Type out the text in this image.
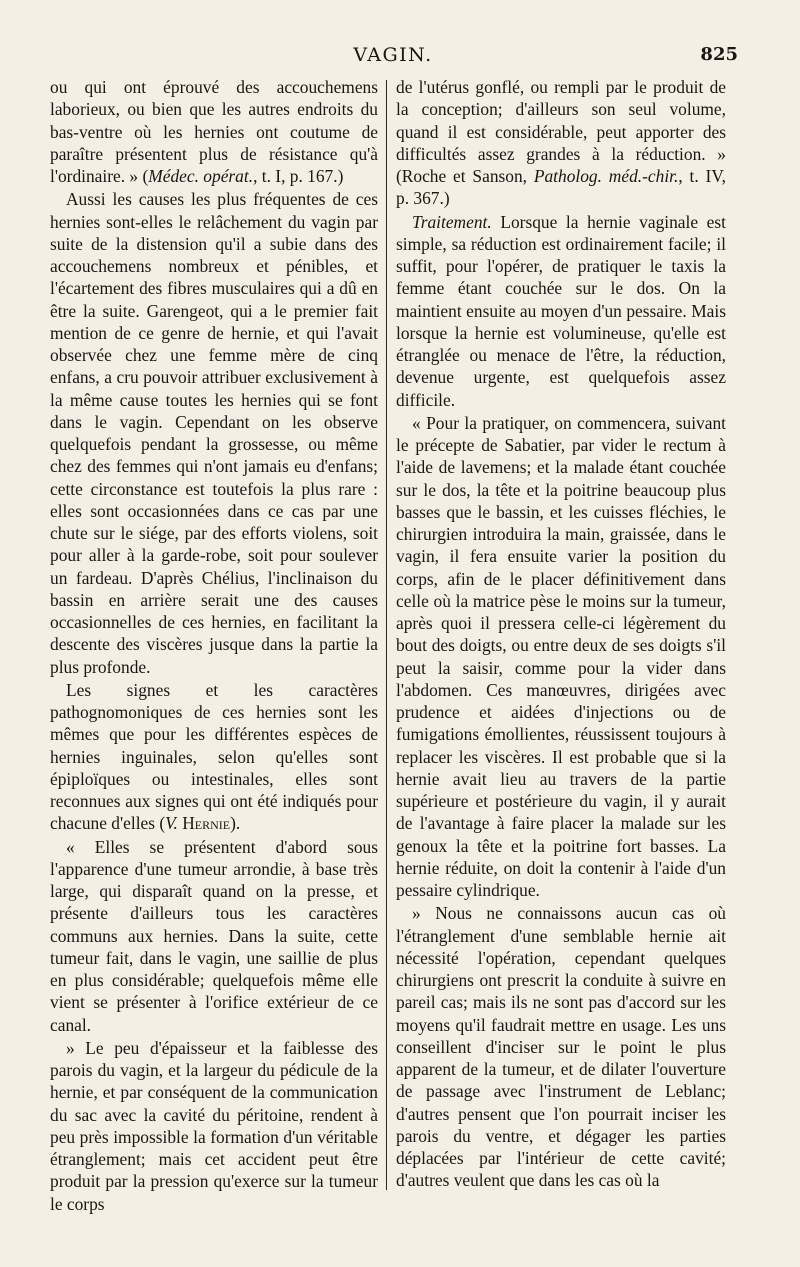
VAGIN.	825

ou qui ont éprouvé des accouchemens laborieux, ou bien que les autres endroits du bas-ventre où les hernies ont coutume de paraître présentent plus de résistance qu'à l'ordinaire. » (Médec. opérat., t. I, p. 167.)

Aussi les causes les plus fréquentes de ces hernies sont-elles le relâchement du vagin par suite de la distension qu'il a subie dans des accouchemens nombreux et pénibles, et l'écartement des fibres musculaires qui a dû en être la suite. Garengeot, qui a le premier fait mention de ce genre de hernie, et qui l'avait observée chez une femme mère de cinq enfans, a cru pouvoir attribuer exclusivement à la même cause toutes les hernies qui se font dans le vagin. Cependant on les observe quelquefois pendant la grossesse, ou même chez des femmes qui n'ont jamais eu d'enfans; cette circonstance est toutefois la plus rare : elles sont occasionnées dans ce cas par une chute sur le siége, par des efforts violens, soit pour aller à la garde-robe, soit pour soulever un fardeau. D'après Chélius, l'inclinaison du bassin en arrière serait une des causes occasionnelles de ces hernies, en facilitant la descente des viscères jusque dans la partie la plus profonde.

Les signes et les caractères pathognomoniques de ces hernies sont les mêmes que pour les différentes espèces de hernies inguinales, selon qu'elles sont épiploïques ou intestinales, elles sont reconnues aux signes qui ont été indiqués pour chacune d'elles (V. Hernie).

« Elles se présentent d'abord sous l'apparence d'une tumeur arrondie, à base très large, qui disparaît quand on la presse, et présente d'ailleurs tous les caractères communs aux hernies. Dans la suite, cette tumeur fait, dans le vagin, une saillie de plus en plus considérable; quelquefois même elle vient se présenter à l'orifice extérieur de ce canal.

» Le peu d'épaisseur et la faiblesse des parois du vagin, et la largeur du pédicule de la hernie, et par conséquent de la communication du sac avec la cavité du péritoine, rendent à peu près impossible la formation d'un véritable étranglement; mais cet accident peut être produit par la pression qu'exerce sur la tumeur le corps

de l'utérus gonflé, ou rempli par le produit de la conception; d'ailleurs son seul volume, quand il est considérable, peut apporter des difficultés assez grandes à la réduction. » (Roche et Sanson, Patholog. méd.-chir., t. IV, p. 367.)

Traitement. Lorsque la hernie vaginale est simple, sa réduction est ordinairement facile; il suffit, pour l'opérer, de pratiquer le taxis la femme étant couchée sur le dos. On la maintient ensuite au moyen d'un pessaire. Mais lorsque la hernie est volumineuse, qu'elle est étranglée ou menace de l'être, la réduction, devenue urgente, est quelquefois assez difficile.

« Pour la pratiquer, on commencera, suivant le précepte de Sabatier, par vider le rectum à l'aide de lavemens; et la malade étant couchée sur le dos, la tête et la poitrine beaucoup plus basses que le bassin, et les cuisses fléchies, le chirurgien introduira la main, graissée, dans le vagin, il fera ensuite varier la position du corps, afin de le placer définitivement dans celle où la matrice pèse le moins sur la tumeur, après quoi il pressera celle-ci légèrement du bout des doigts, ou entre deux de ses doigts s'il peut la saisir, comme pour la vider dans l'abdomen. Ces manœuvres, dirigées avec prudence et aidées d'injections ou de fumigations émollientes, réussissent toujours à replacer les viscères. Il est probable que si la hernie avait lieu au travers de la partie supérieure et postérieure du vagin, il y aurait de l'avantage à faire placer la malade sur les genoux la tête et la poitrine fort basses. La hernie réduite, on doit la contenir à l'aide d'un pessaire cylindrique.

» Nous ne connaissons aucun cas où l'étranglement d'une semblable hernie ait nécessité l'opération, cependant quelques chirurgiens ont prescrit la conduite à suivre en pareil cas; mais ils ne sont pas d'accord sur les moyens qu'il faudrait mettre en usage. Les uns conseillent d'inciser sur le point le plus apparent de la tumeur, et de dilater l'ouverture de passage avec l'instrument de Leblanc; d'autres pensent que l'on pourrait inciser les parois du ventre, et dégager les parties déplacées par l'intérieur de cette cavité; d'autres veulent que dans les cas où la
